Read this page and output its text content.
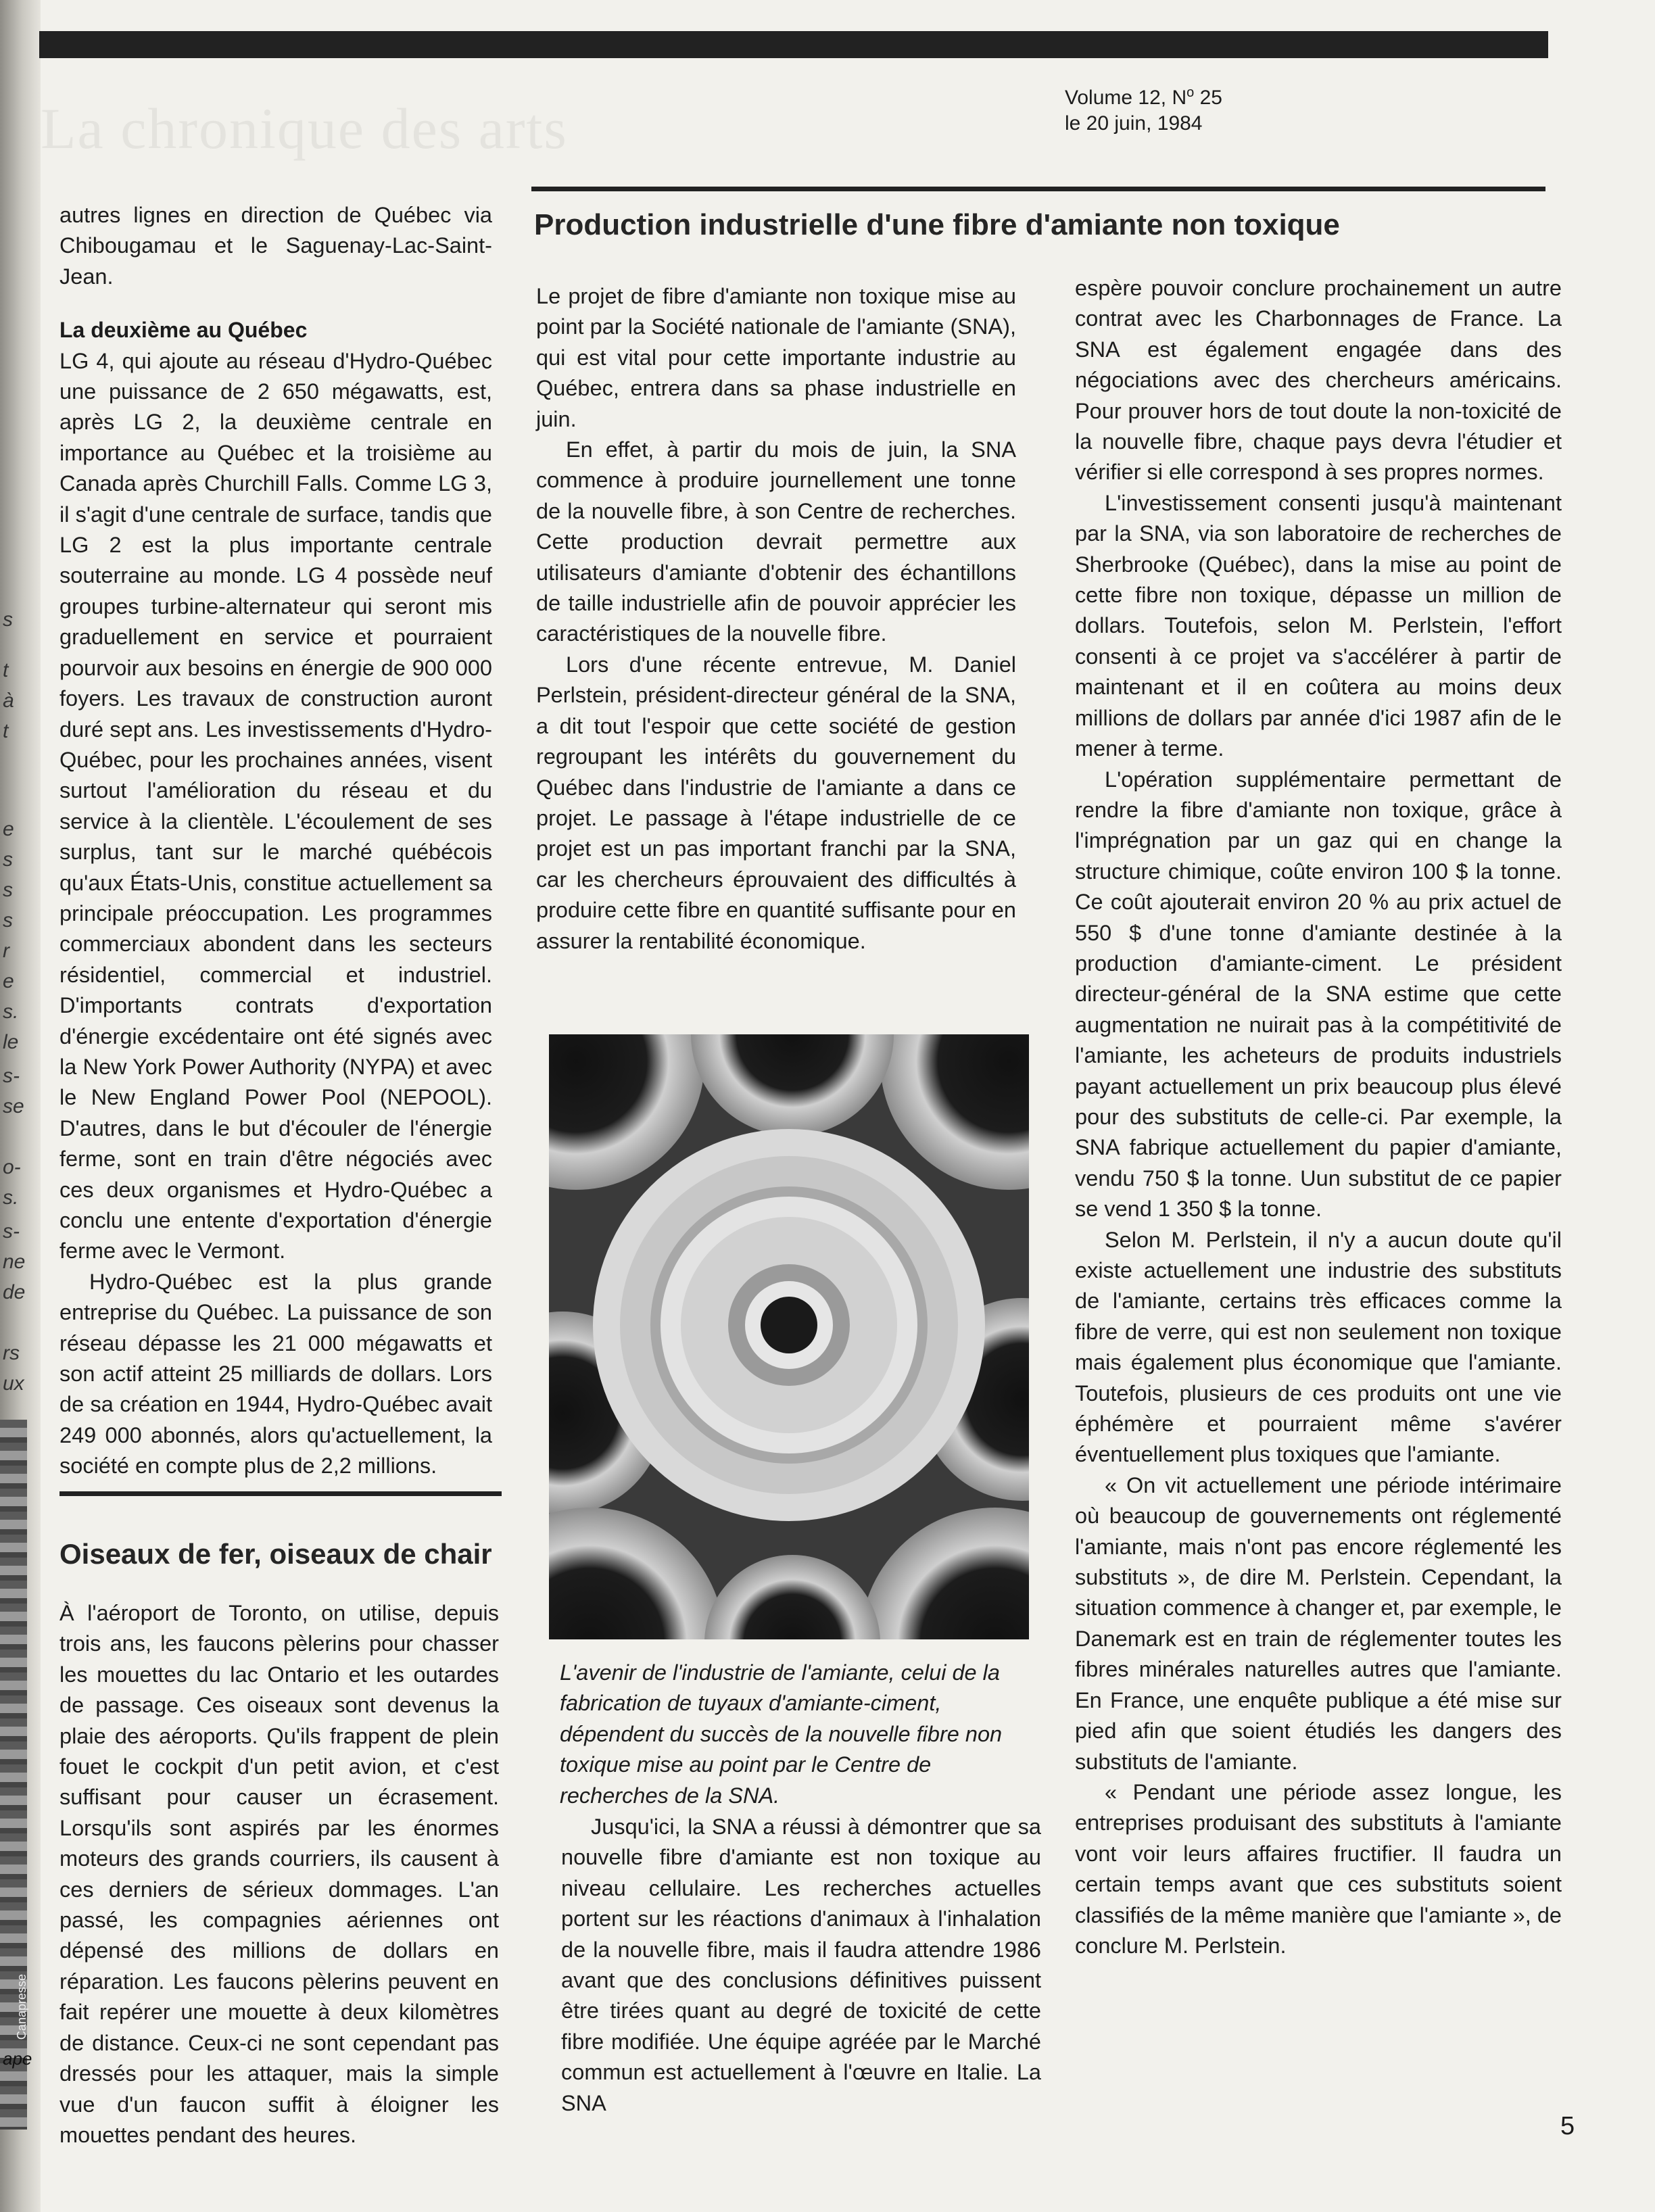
s
t
à
t
e
s
s
s
r
e
s.
le
s-
se
o-
s.
s-
ne
de
rs
ux
ape
Canapresse
La chronique des arts	Volume 12, $N^o$ 25
le 20 juin, 1984

autres lignes en direction de Québec via Chibougamau et le Saguenay-Lac-Saint-Jean.

La deuxième au Québec

LG 4, qui ajoute au réseau d'Hydro-Québec une puissance de 2 650 mégawatts, est, après LG 2, la deuxième centrale en importance au Québec et la troisième au Canada après Churchill Falls. Comme LG 3, il s'agit d'une centrale de surface, tandis que LG 2 est la plus importante centrale souterraine au monde. LG 4 possède neuf groupes turbine-alternateur qui seront mis graduellement en service et pourraient pourvoir aux besoins en énergie de 900 000 foyers. Les travaux de construction auront duré sept ans. Les investissements d'Hydro-Québec, pour les prochaines années, visent surtout l'amélioration du réseau et du service à la clientèle. L'écoulement de ses surplus, tant sur le marché québécois qu'aux États-Unis, constitue actuellement sa principale préoccupation. Les programmes commerciaux abondent dans les secteurs résidentiel, commercial et industriel. D'importants contrats d'exportation d'énergie excédentaire ont été signés avec la New York Power Authority (NYPA) et avec le New England Power Pool (NEPOOL). D'autres, dans le but d'écouler de l'énergie ferme, sont en train d'être négociés avec ces deux organismes et Hydro-Québec a conclu une entente d'exportation d'énergie ferme avec le Vermont.

Hydro-Québec est la plus grande entreprise du Québec. La puissance de son réseau dépasse les 21 000 mégawatts et son actif atteint 25 milliards de dollars. Lors de sa création en 1944, Hydro-Québec avait 249 000 abonnés, alors qu'actuellement, la société en compte plus de 2,2 millions.

Oiseaux de fer, oiseaux de chair

À l'aéroport de Toronto, on utilise, depuis trois ans, les faucons pèlerins pour chasser les mouettes du lac Ontario et les outardes de passage. Ces oiseaux sont devenus la plaie des aéroports. Qu'ils frappent de plein fouet le cockpit d'un petit avion, et c'est suffisant pour causer un écrasement. Lorsqu'ils sont aspirés par les énormes moteurs des grands courriers, ils causent à ces derniers de sérieux dommages. L'an passé, les compagnies aériennes ont dépensé des millions de dollars en réparation. Les faucons pèlerins peuvent en fait repérer une mouette à deux kilomètres de distance. Ceux-ci ne sont cependant pas dressés pour les attaquer, mais la simple vue d'un faucon suffit à éloigner les mouettes pendant des heures.

Production industrielle d'une fibre d'amiante non toxique

Le projet de fibre d'amiante non toxique mise au point par la Société nationale de l'amiante (SNA), qui est vital pour cette importante industrie au Québec, entrera dans sa phase industrielle en juin.

En effet, à partir du mois de juin, la SNA commence à produire journellement une tonne de la nouvelle fibre, à son Centre de recherches. Cette production devrait permettre aux utilisateurs d'amiante d'obtenir des échantillons de taille industrielle afin de pouvoir apprécier les caractéristiques de la nouvelle fibre.

Lors d'une récente entrevue, M. Daniel Perlstein, président-directeur général de la SNA, a dit tout l'espoir que cette société de gestion regroupant les intérêts du gouvernement du Québec dans l'industrie de l'amiante a dans ce projet. Le passage à l'étape industrielle de ce projet est un pas important franchi par la SNA, car les chercheurs éprouvaient des difficultés à produire cette fibre en quantité suffisante pour en assurer la rentabilité économique.

L'avenir de l'industrie de l'amiante, celui de la fabrication de tuyaux d'amiante-ciment, dépendent du succès de la nouvelle fibre non toxique mise au point par le Centre de recherches de la SNA.

Jusqu'ici, la SNA a réussi à démontrer que sa nouvelle fibre d'amiante est non toxique au niveau cellulaire. Les recherches actuelles portent sur les réactions d'animaux à l'inhalation de la nouvelle fibre, mais il faudra attendre 1986 avant que des conclusions définitives puissent être tirées quant au degré de toxicité de cette fibre modifiée. Une équipe agréée par le Marché commun est actuellement à l'œuvre en Italie. La SNA

espère pouvoir conclure prochainement un autre contrat avec les Charbonnages de France. La SNA est également engagée dans des négociations avec des chercheurs américains. Pour prouver hors de tout doute la non-toxicité de la nouvelle fibre, chaque pays devra l'étudier et vérifier si elle correspond à ses propres normes.

L'investissement consenti jusqu'à maintenant par la SNA, via son laboratoire de recherches de Sherbrooke (Québec), dans la mise au point de cette fibre non toxique, dépasse un million de dollars. Toutefois, selon M. Perlstein, l'effort consenti à ce projet va s'accélérer à partir de maintenant et il en coûtera au moins deux millions de dollars par année d'ici 1987 afin de le mener à terme.

L'opération supplémentaire permettant de rendre la fibre d'amiante non toxique, grâce à l'imprégnation par un gaz qui en change la structure chimique, coûte environ 100 $ la tonne. Ce coût ajouterait environ 20 % au prix actuel de 550 $ d'une tonne d'amiante destinée à la production d'amiante-ciment. Le président directeur-général de la SNA estime que cette augmentation ne nuirait pas à la compétitivité de l'amiante, les acheteurs de produits industriels payant actuellement un prix beaucoup plus élevé pour des substituts de celle-ci. Par exemple, la SNA fabrique actuellement du papier d'amiante, vendu 750 $ la tonne. Uun substitut de ce papier se vend 1 350 $ la tonne.

Selon M. Perlstein, il n'y a aucun doute qu'il existe actuellement une industrie des substituts de l'amiante, certains très efficaces comme la fibre de verre, qui est non seulement non toxique mais également plus économique que l'amiante. Toutefois, plusieurs de ces produits ont une vie éphémère et pourraient même s'avérer éventuellement plus toxiques que l'amiante.

« On vit actuellement une période intérimaire où beaucoup de gouvernements ont réglementé l'amiante, mais n'ont pas encore réglementé les substituts », de dire M. Perlstein. Cependant, la situation commence à changer et, par exemple, le Danemark est en train de réglementer toutes les fibres minérales naturelles autres que l'amiante. En France, une enquête publique a été mise sur pied afin que soient étudiés les dangers des substituts de l'amiante.

« Pendant une période assez longue, les entreprises produisant des substituts à l'amiante vont voir leurs affaires fructifier. Il faudra un certain temps avant que ces substituts soient classifiés de la même manière que l'amiante », de conclure M. Perlstein.

5
